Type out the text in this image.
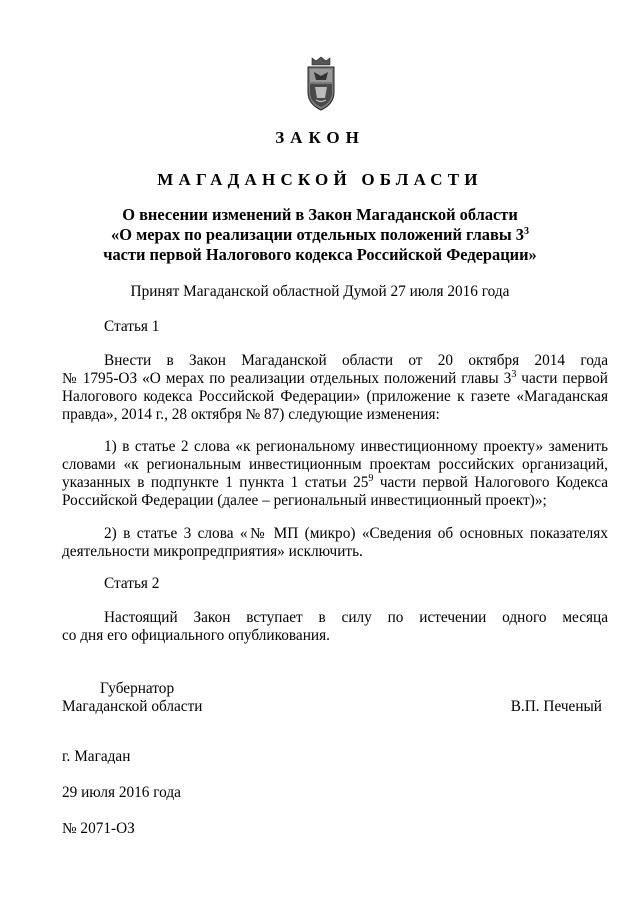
ЗАКОН
МАГАДАНСКОЙ ОБЛАСТИ
О внесении изменений в Закон Магаданской области
«О мерах по реализации отдельных положений главы $3^3$
части первой Налогового кодекса Российской Федерации»
Принят Магаданской областной Думой 27 июля 2016 года
Статья 1
Внести в Закон Магаданской области от 20 октября 2014 года
№ 1795-ОЗ «О мерах по реализации отдельных положений главы $3^3$ части первой
Налогового кодекса Российской Федерации» (приложение к газете «Магаданская
правда», 2014 г., 28 октября № 87) следующие изменения:
1) в статье 2 слова «к региональному инвестиционному проекту» заменить
словами «к региональным инвестиционным проектам российских организаций,
указанных в подпункте 1 пункта 1 статьи $25^9$ части первой Налогового Кодекса
Российской Федерации (далее – региональный инвестиционный проект)»;
2) в статье 3 слова «№ МП (микро) «Сведения об основных показателях
деятельности микропредприятия» исключить.
Статья 2
Настоящий Закон вступает в силу по истечении одного месяца
со дня его официального опубликования.
Губернатор
Магаданской области	В.П. Печеный
г. Магадан
29 июля 2016 года
№ 2071-ОЗ
